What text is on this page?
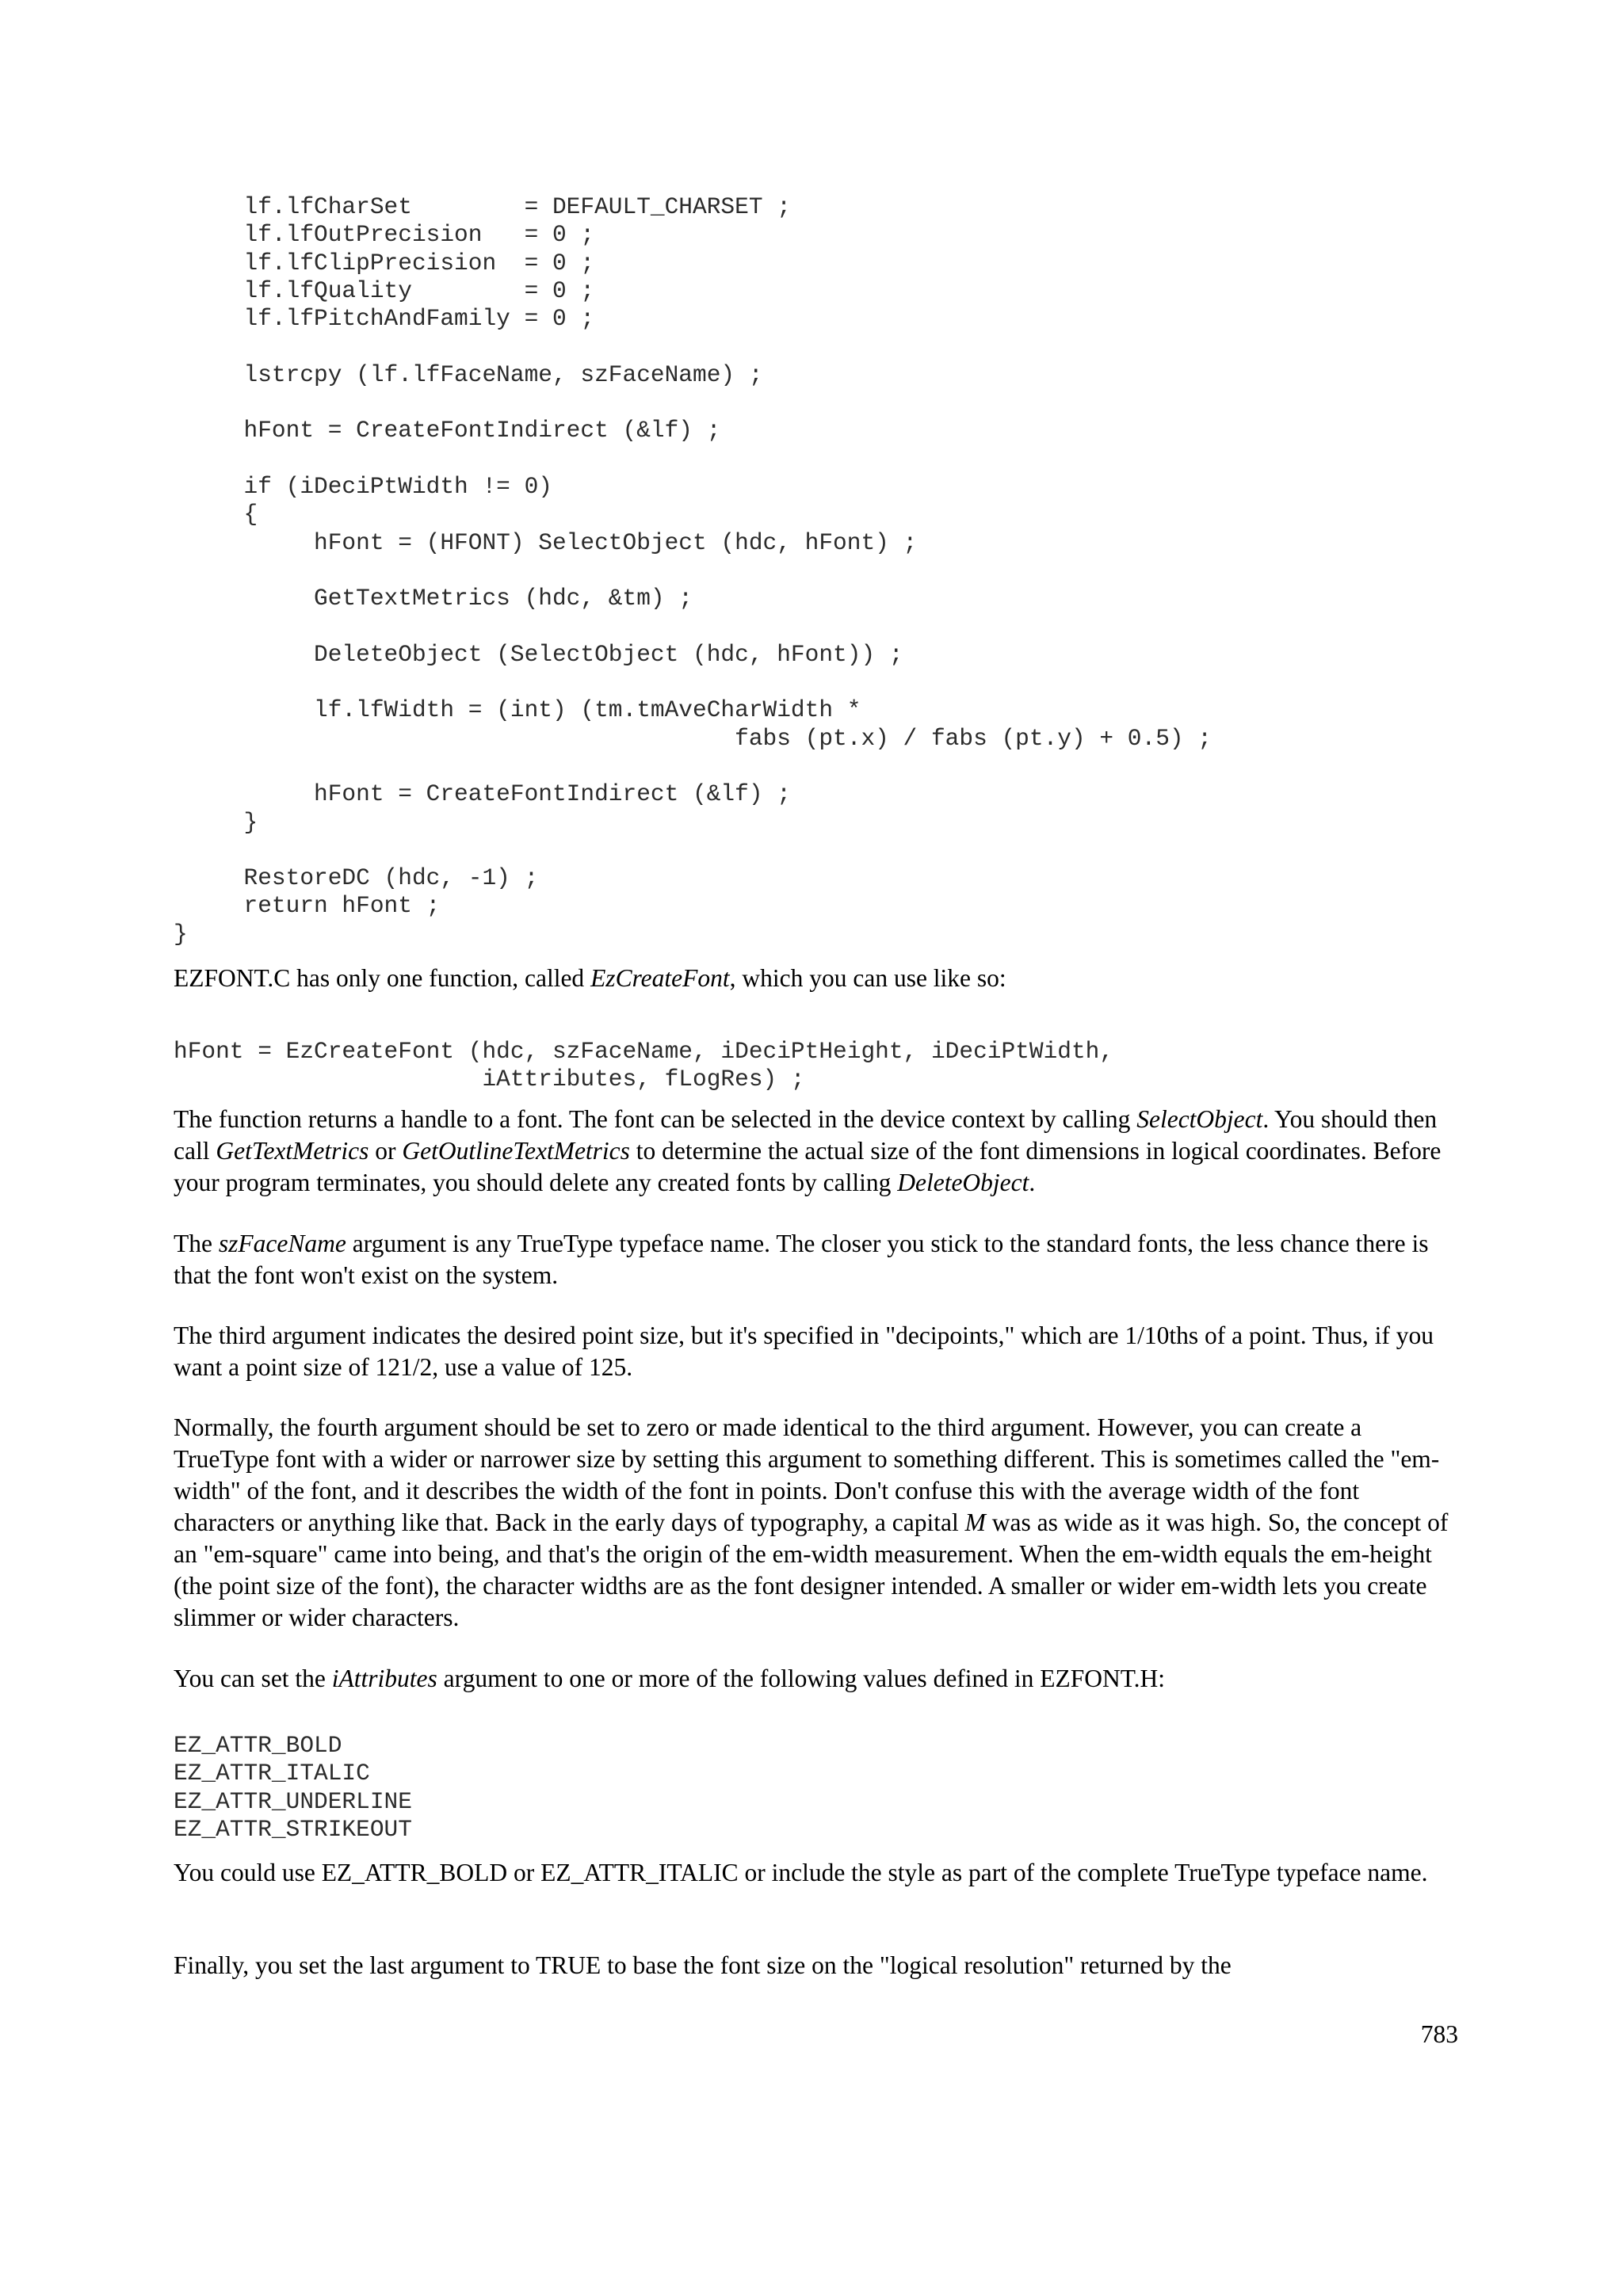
lf.lfCharSet        = DEFAULT_CHARSET ;
lf.lfOutPrecision   = 0 ;
lf.lfClipPrecision  = 0 ;
lf.lfQuality        = 0 ;
lf.lfPitchAndFamily = 0 ;

lstrcpy (lf.lfFaceName, szFaceName) ;

hFont = CreateFontIndirect (&lf) ;

if (iDeciPtWidth != 0)
{
hFont = (HFONT) SelectObject (hdc, hFont) ;

GetTextMetrics (hdc, &tm) ;

DeleteObject (SelectObject (hdc, hFont)) ;

lf.lfWidth = (int) (tm.tmAveCharWidth *
fabs (pt.x) / fabs (pt.y) + 0.5) ;

hFont = CreateFontIndirect (&lf) ;
}

RestoreDC (hdc, -1) ;
return hFont ;
}

EZFONT.C has only one function, called EzCreateFont, which you can use like so:

hFont = EzCreateFont (hdc, szFaceName, iDeciPtHeight, iDeciPtWidth,
iAttributes, fLogRes) ;

The function returns a handle to a font. The font can be selected in the device context by calling SelectObject. You should then call GetTextMetrics or GetOutlineTextMetrics to determine the actual size of the font dimensions in logical coordinates. Before your program terminates, you should delete any created fonts by calling DeleteObject.

The szFaceName argument is any TrueType typeface name. The closer you stick to the standard fonts, the less chance there is that the font won't exist on the system.

The third argument indicates the desired point size, but it's specified in "decipoints," which are 1/10ths of a point. Thus, if you want a point size of 121/2, use a value of 125.

Normally, the fourth argument should be set to zero or made identical to the third argument. However, you can create a TrueType font with a wider or narrower size by setting this argument to something different. This is sometimes called the "em-width" of the font, and it describes the width of the font in points. Don't confuse this with the average width of the font characters or anything like that. Back in the early days of typography, a capital M was as wide as it was high. So, the concept of an "em-square" came into being, and that's the origin of the em-width measurement. When the em-width equals the em-height (the point size of the font), the character widths are as the font designer intended. A smaller or wider em-width lets you create slimmer or wider characters.

You can set the iAttributes argument to one or more of the following values defined in EZFONT.H:

EZ_ATTR_BOLD
EZ_ATTR_ITALIC
EZ_ATTR_UNDERLINE
EZ_ATTR_STRIKEOUT

You could use EZ_ATTR_BOLD or EZ_ATTR_ITALIC or include the style as part of the complete TrueType typeface name.

Finally, you set the last argument to TRUE to base the font size on the "logical resolution" returned by the

783
